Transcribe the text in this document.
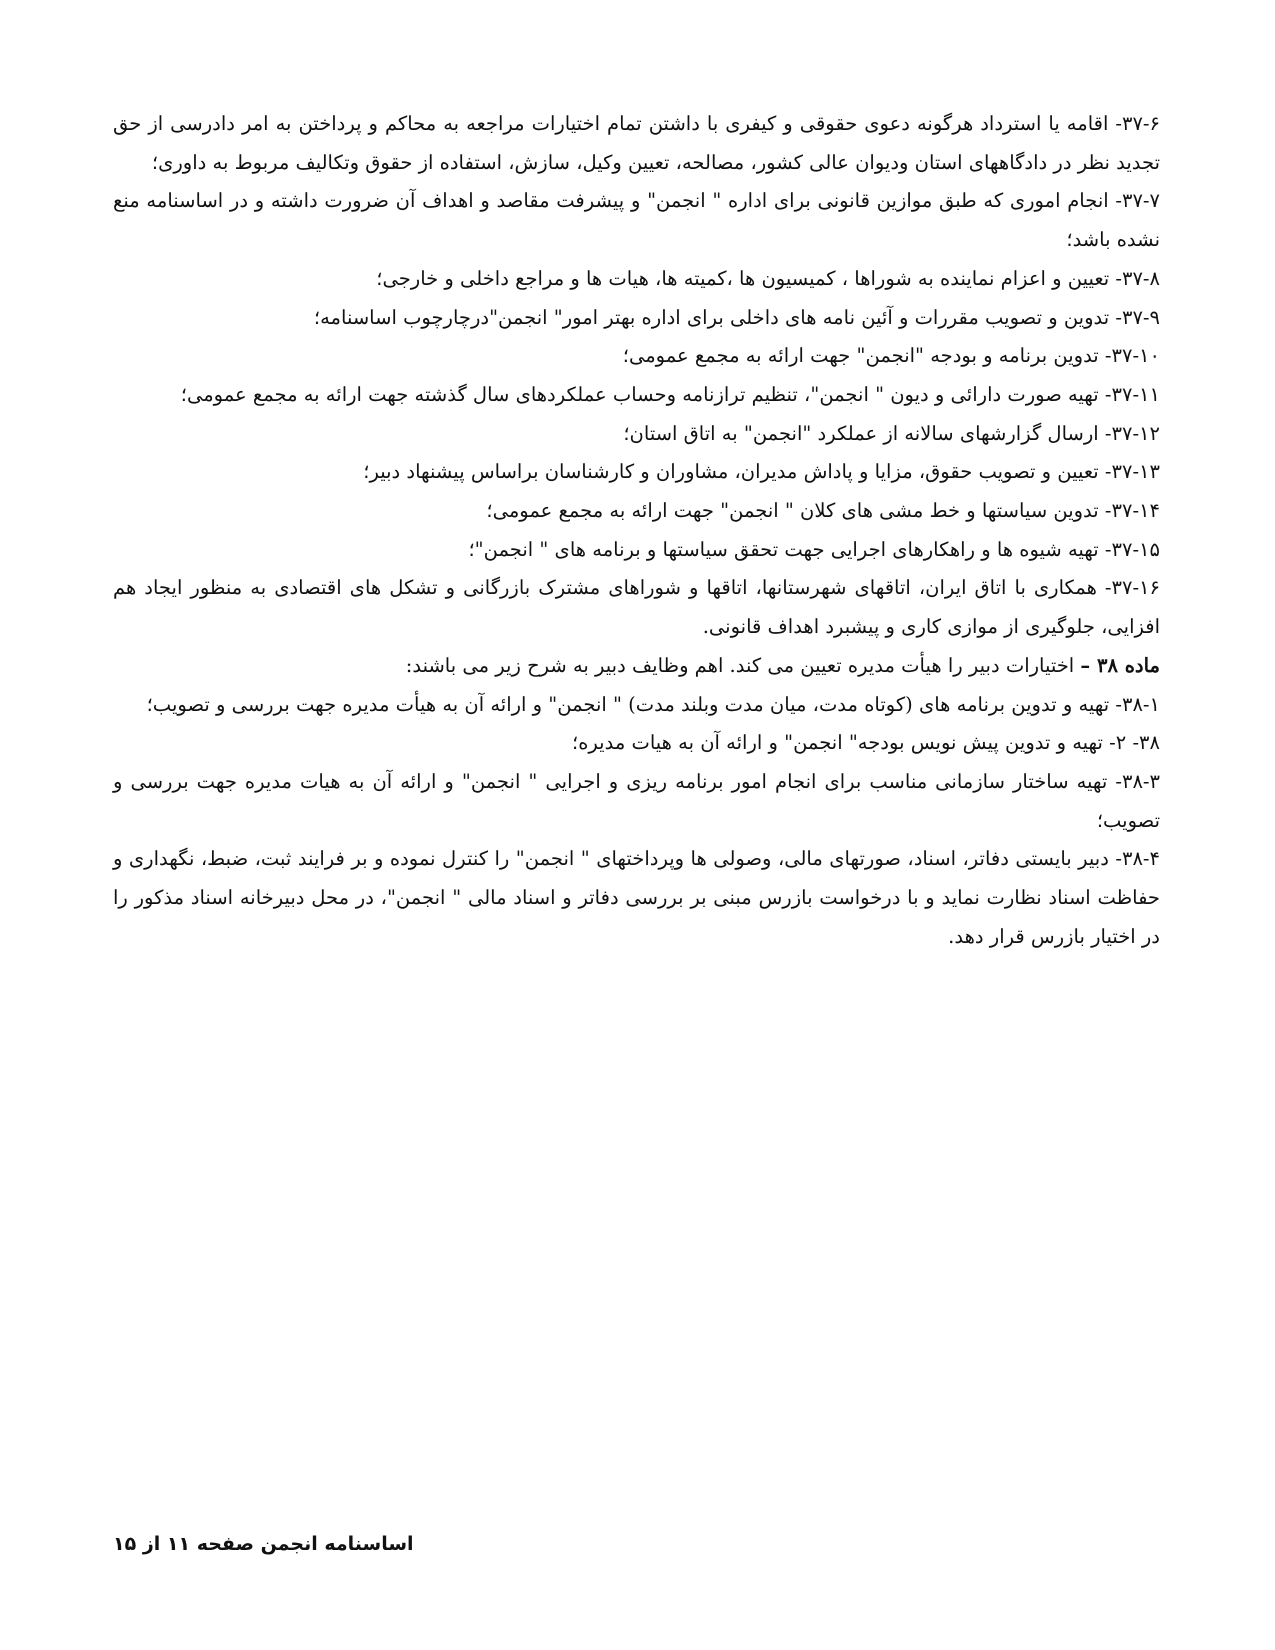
۳۷-۶- اقامه یا استرداد هرگونه دعوی حقوقی و کیفری با داشتن تمام اختیارات مراجعه به محاکم و پرداختن به امر دادرسی از حق تجدید نظر در دادگاههای استان ودیوان عالی کشور، مصالحه، تعیین وکیل، سازش، استفاده از حقوق وتکالیف مربوط به داوری؛

۳۷-۷- انجام اموری که طبق موازین قانونی برای اداره " انجمن" و پیشرفت مقاصد و اهداف آن ضرورت داشته و در اساسنامه منع نشده باشد؛

۳۷-۸- تعیین و اعزام نماینده به شوراها ، کمیسیون ها ،کمیته ها، هیات ها و مراجع داخلی و خارجی؛

۳۷-۹- تدوین و تصویب مقررات و آئین نامه های داخلی برای اداره بهتر امور" انجمن"درچارچوب اساسنامه؛

۳۷-۱۰- تدوین برنامه و بودجه "انجمن" جهت ارائه به مجمع عمومی؛

۳۷-۱۱- تهیه صورت دارائی و دیون " انجمن"، تنظیم ترازنامه وحساب عملکردهای سال گذشته جهت ارائه به مجمع عمومی؛

۳۷-۱۲- ارسال گزارشهای سالانه از عملکرد "انجمن" به اتاق استان؛

۳۷-۱۳- تعیین و تصویب حقوق، مزایا و پاداش مدیران، مشاوران و کارشناسان براساس پیشنهاد دبیر؛

۳۷-۱۴- تدوین سیاستها و خط مشی های کلان " انجمن" جهت ارائه به مجمع عمومی؛

۳۷-۱۵- تهیه شیوه ها و راهکارهای اجرایی جهت تحقق سیاستها و برنامه های " انجمن"؛

۳۷-۱۶- همکاری با اتاق ایران، اتاقهای شهرستانها، اتاقها و شوراهای مشترک بازرگانی و تشکل های اقتصادی به منظور ایجاد هم افزایی، جلوگیری از موازی کاری و پیشبرد اهداف قانونی.

ماده ۳۸ – اختیارات دبیر را هیأت مدیره تعیین می کند. اهم وظایف دبیر به شرح زیر می باشند:

۳۸-۱- تهیه و تدوین برنامه های (کوتاه مدت، میان مدت وبلند مدت) " انجمن" و ارائه آن به هیأت مدیره جهت بررسی و تصویب؛

۳۸- ۲- تهیه و تدوین پیش نویس بودجه" انجمن" و ارائه آن به هیات مدیره؛

۳۸-۳- تهیه ساختار سازمانی مناسب برای انجام امور برنامه ریزی و اجرایی " انجمن" و ارائه آن به هیات مدیره جهت بررسی و تصویب؛

۳۸-۴- دبیر بایستی دفاتر، اسناد، صورتهای مالی، وصولی ها وپرداختهای " انجمن" را کنترل نموده و بر فرایند ثبت، ضبط، نگهداری و حفاظت اسناد نظارت نماید و با درخواست بازرس مبنی بر بررسی دفاتر و اسناد مالی " انجمن"، در محل دبیرخانه اسناد مذکور را در اختیار بازرس قرار دهد.

اساسنامه انجمن صفحه ۱۱ از ۱۵
